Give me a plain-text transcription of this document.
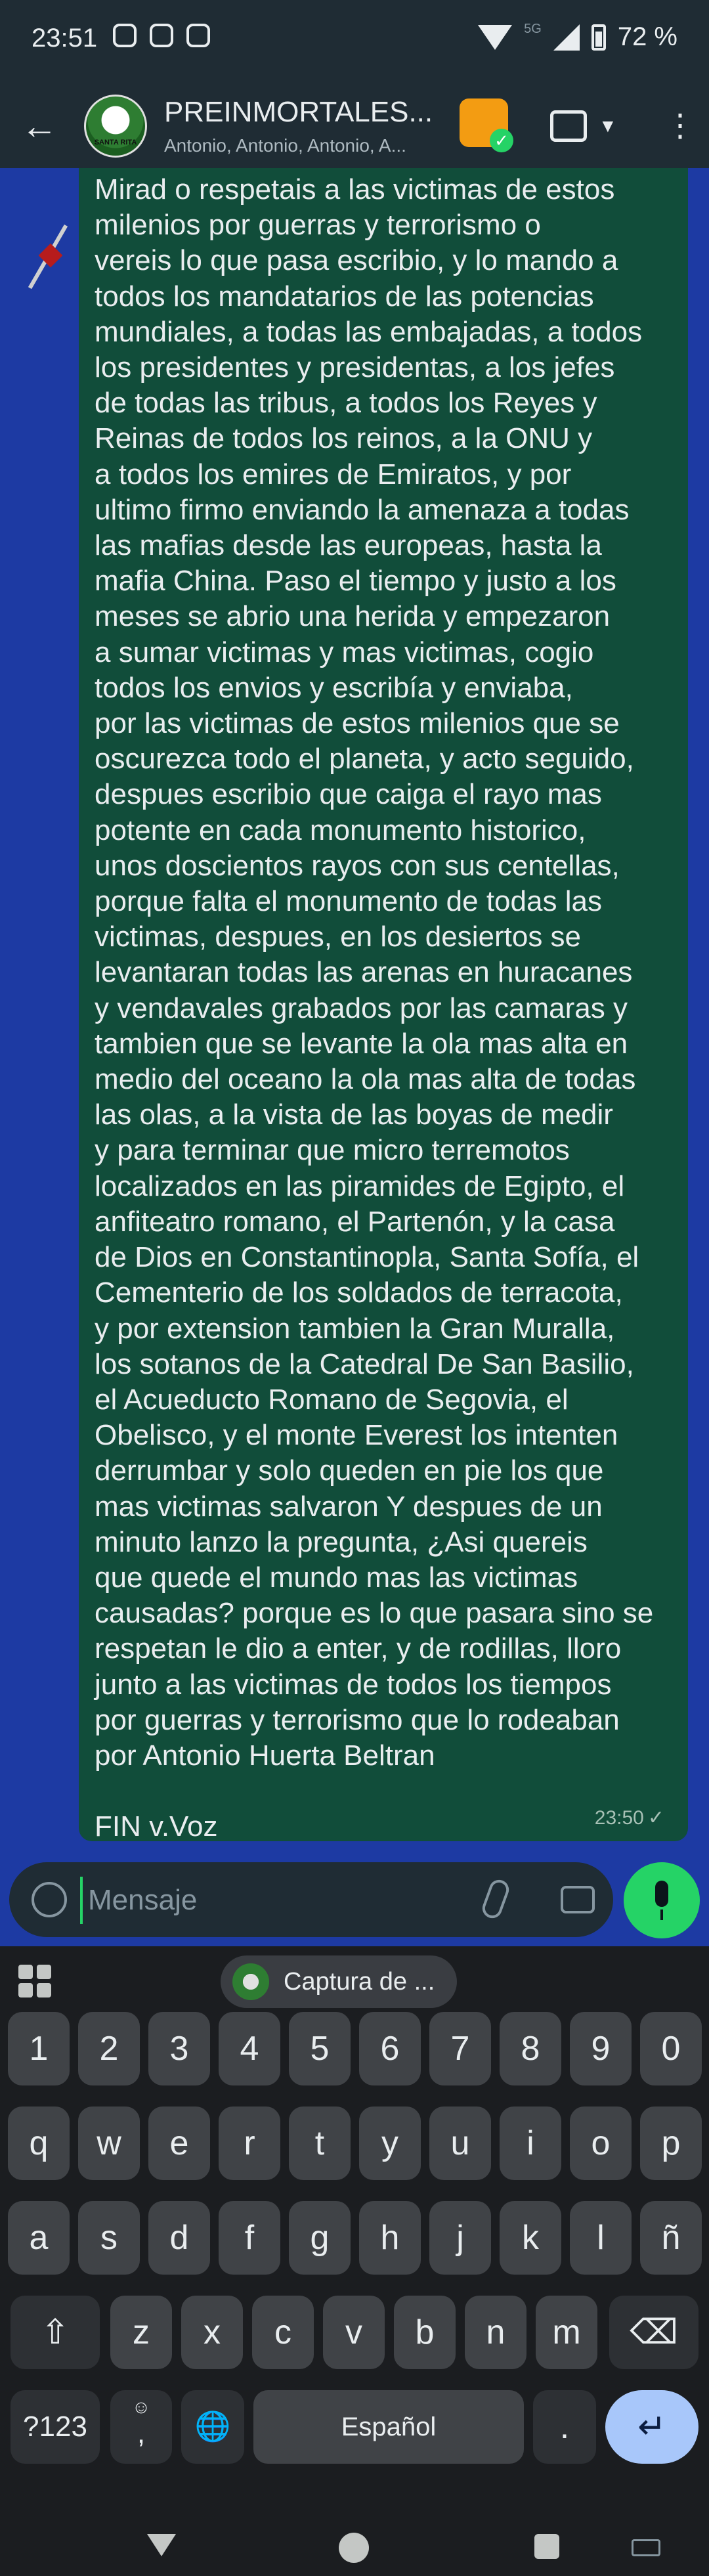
23:51	5G	72 %
←	SANTA RITA
PREINMORTALES...
Antonio, Antonio, Antonio, A...
✓
▼ ⋮
Mirad o respetais a las victimas de estos
milenios por guerras y terrorismo o
vereis lo que pasa escribio, y lo mando a
todos los mandatarios de las potencias
mundiales, a todas las embajadas, a todos
los presidentes y presidentas, a los jefes
de todas las tribus, a todos los Reyes y
Reinas de todos los reinos, a la ONU y
a todos los emires de Emiratos, y por
ultimo firmo enviando la amenaza a todas
las mafias desde las europeas, hasta la
mafia China. Paso el tiempo y justo a los
meses se abrio una herida y empezaron
a sumar victimas y mas victimas, cogio
todos los envios y escribía y enviaba,
por las victimas de estos milenios que se
oscurezca todo el planeta, y acto seguido,
despues escribio que caiga el rayo mas
potente en cada monumento historico,
unos doscientos rayos con sus centellas,
porque falta el monumento de todas las
victimas, despues, en los desiertos se
levantaran todas las arenas en huracanes
y vendavales grabados por las camaras y
tambien que se levante la ola mas alta en
medio del oceano la ola mas alta de todas
las olas, a la vista de las boyas de medir
y para terminar que micro terremotos
localizados en las piramides de Egipto, el
anfiteatro romano, el Partenón, y la casa
de Dios en Constantinopla, Santa Sofía, el
Cementerio de los soldados de terracota,
y por extension tambien la Gran Muralla,
los sotanos de la Catedral De San Basilio,
el Acueducto Romano de Segovia, el
Obelisco, y el monte Everest los intenten
derrumbar y solo queden en pie los que
mas victimas salvaron Y despues de un
minuto lanzo la pregunta, ¿Asi quereis
que quede el mundo mas las victimas
causadas? porque es lo que pasara sino se
respetan le dio a enter, y de rodillas, lloro
junto a las victimas de todos los tiempos
por guerras y terrorismo que lo rodeaban
por Antonio Huerta Beltran

FIN v.Voz	23:50 ✓
Mensaje
Captura de ...
1	2	3	4	5	6	7	8	9	0
q	w	e	r	t	y	u	i	o	p
a	s	d	f	g	h	j	k	l	ñ
⇧	z	x	c	v	b	n	m	⌫
?123
☺
,	🌐	Español	.	↵
